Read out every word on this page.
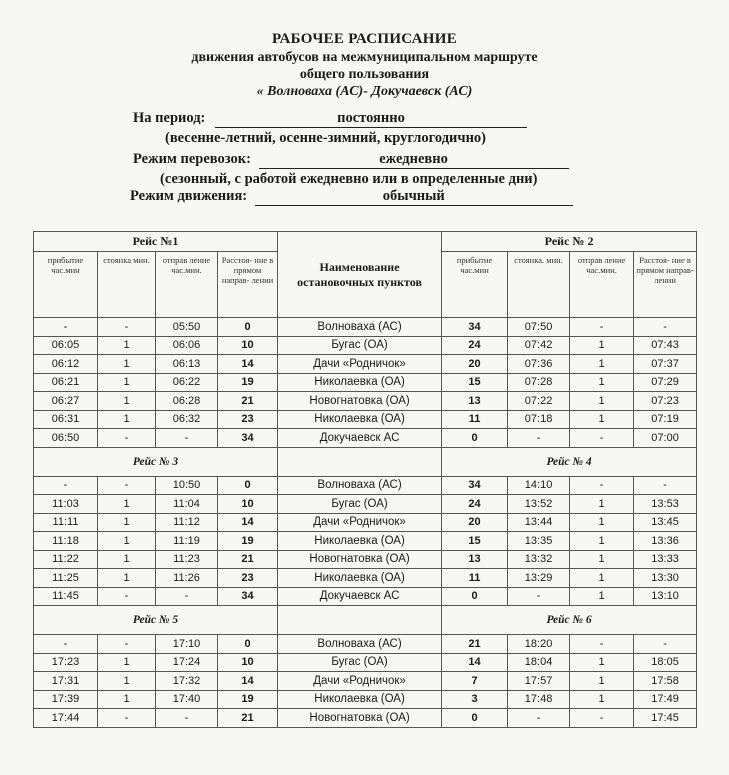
РАБОЧЕЕ РАСПИСАНИЕ
движения автобусов на межмуниципальном маршруте
общего пользования
« Волноваха (АС)- Докучаевск (АС)
На период:	постоянно
(весенне-летний, осенне-зимний, круглогодично)
Режим перевозок:	ежедневно
(сезонный, с работой ежедневно или в определенные дни)
Режим движения:	обычный
Рейс №1				Наименование остановочных пунктов	Рейс № 2			
прибытие час.мин	стоянка мин.	отправ ление час.мин.	Расстоя- ние в прямом направ- лении		прибытие час.мин	стоянка. мин.	отправ ление час.мин.	Расстоя- ние в прямом направ- лении
-	-	05:50	0	Волноваха (АС)	34	07:50	-	-
06:05	1	06:06	10	Бугас (ОА)	24	07:42	1	07:43
06:12	1	06:13	14	Дачи «Родничок»	20	07:36	1	07:37
06:21	1	06:22	19	Николаевка (ОА)	15	07:28	1	07:29
06:27	1	06:28	21	Новогнатовка (ОА)	13	07:22	1	07:23
06:31	1	06:32	23	Николаевка (ОА)	11	07:18	1	07:19
06:50	-	-	34	Докучаевск АС	0	-	-	07:00
Рейс № 3					Рейс № 4			
-	-	10:50	0	Волноваха (АС)	34	14:10	-	-
11:03	1	11:04	10	Бугас (ОА)	24	13:52	1	13:53
11:11	1	11:12	14	Дачи «Родничок»	20	13:44	1	13:45
11:18	1	11:19	19	Николаевка (ОА)	15	13:35	1	13:36
11:22	1	11:23	21	Новогнатовка (ОА)	13	13:32	1	13:33
11:25	1	11:26	23	Николаевка (ОА)	11	13:29	1	13:30
11:45	-	-	34	Докучаевск АС	0	-	1	13:10
Рейс № 5					Рейс № 6			
-	-	17:10	0	Волноваха (АС)	21	18:20	-	-
17:23	1	17:24	10	Бугас (ОА)	14	18:04	1	18:05
17:31	1	17:32	14	Дачи «Родничок»	7	17:57	1	17:58
17:39	1	17:40	19	Николаевка (ОА)	3	17:48	1	17:49
17:44	-	-	21	Новогнатовка (ОА)	0	-	-	17:45
